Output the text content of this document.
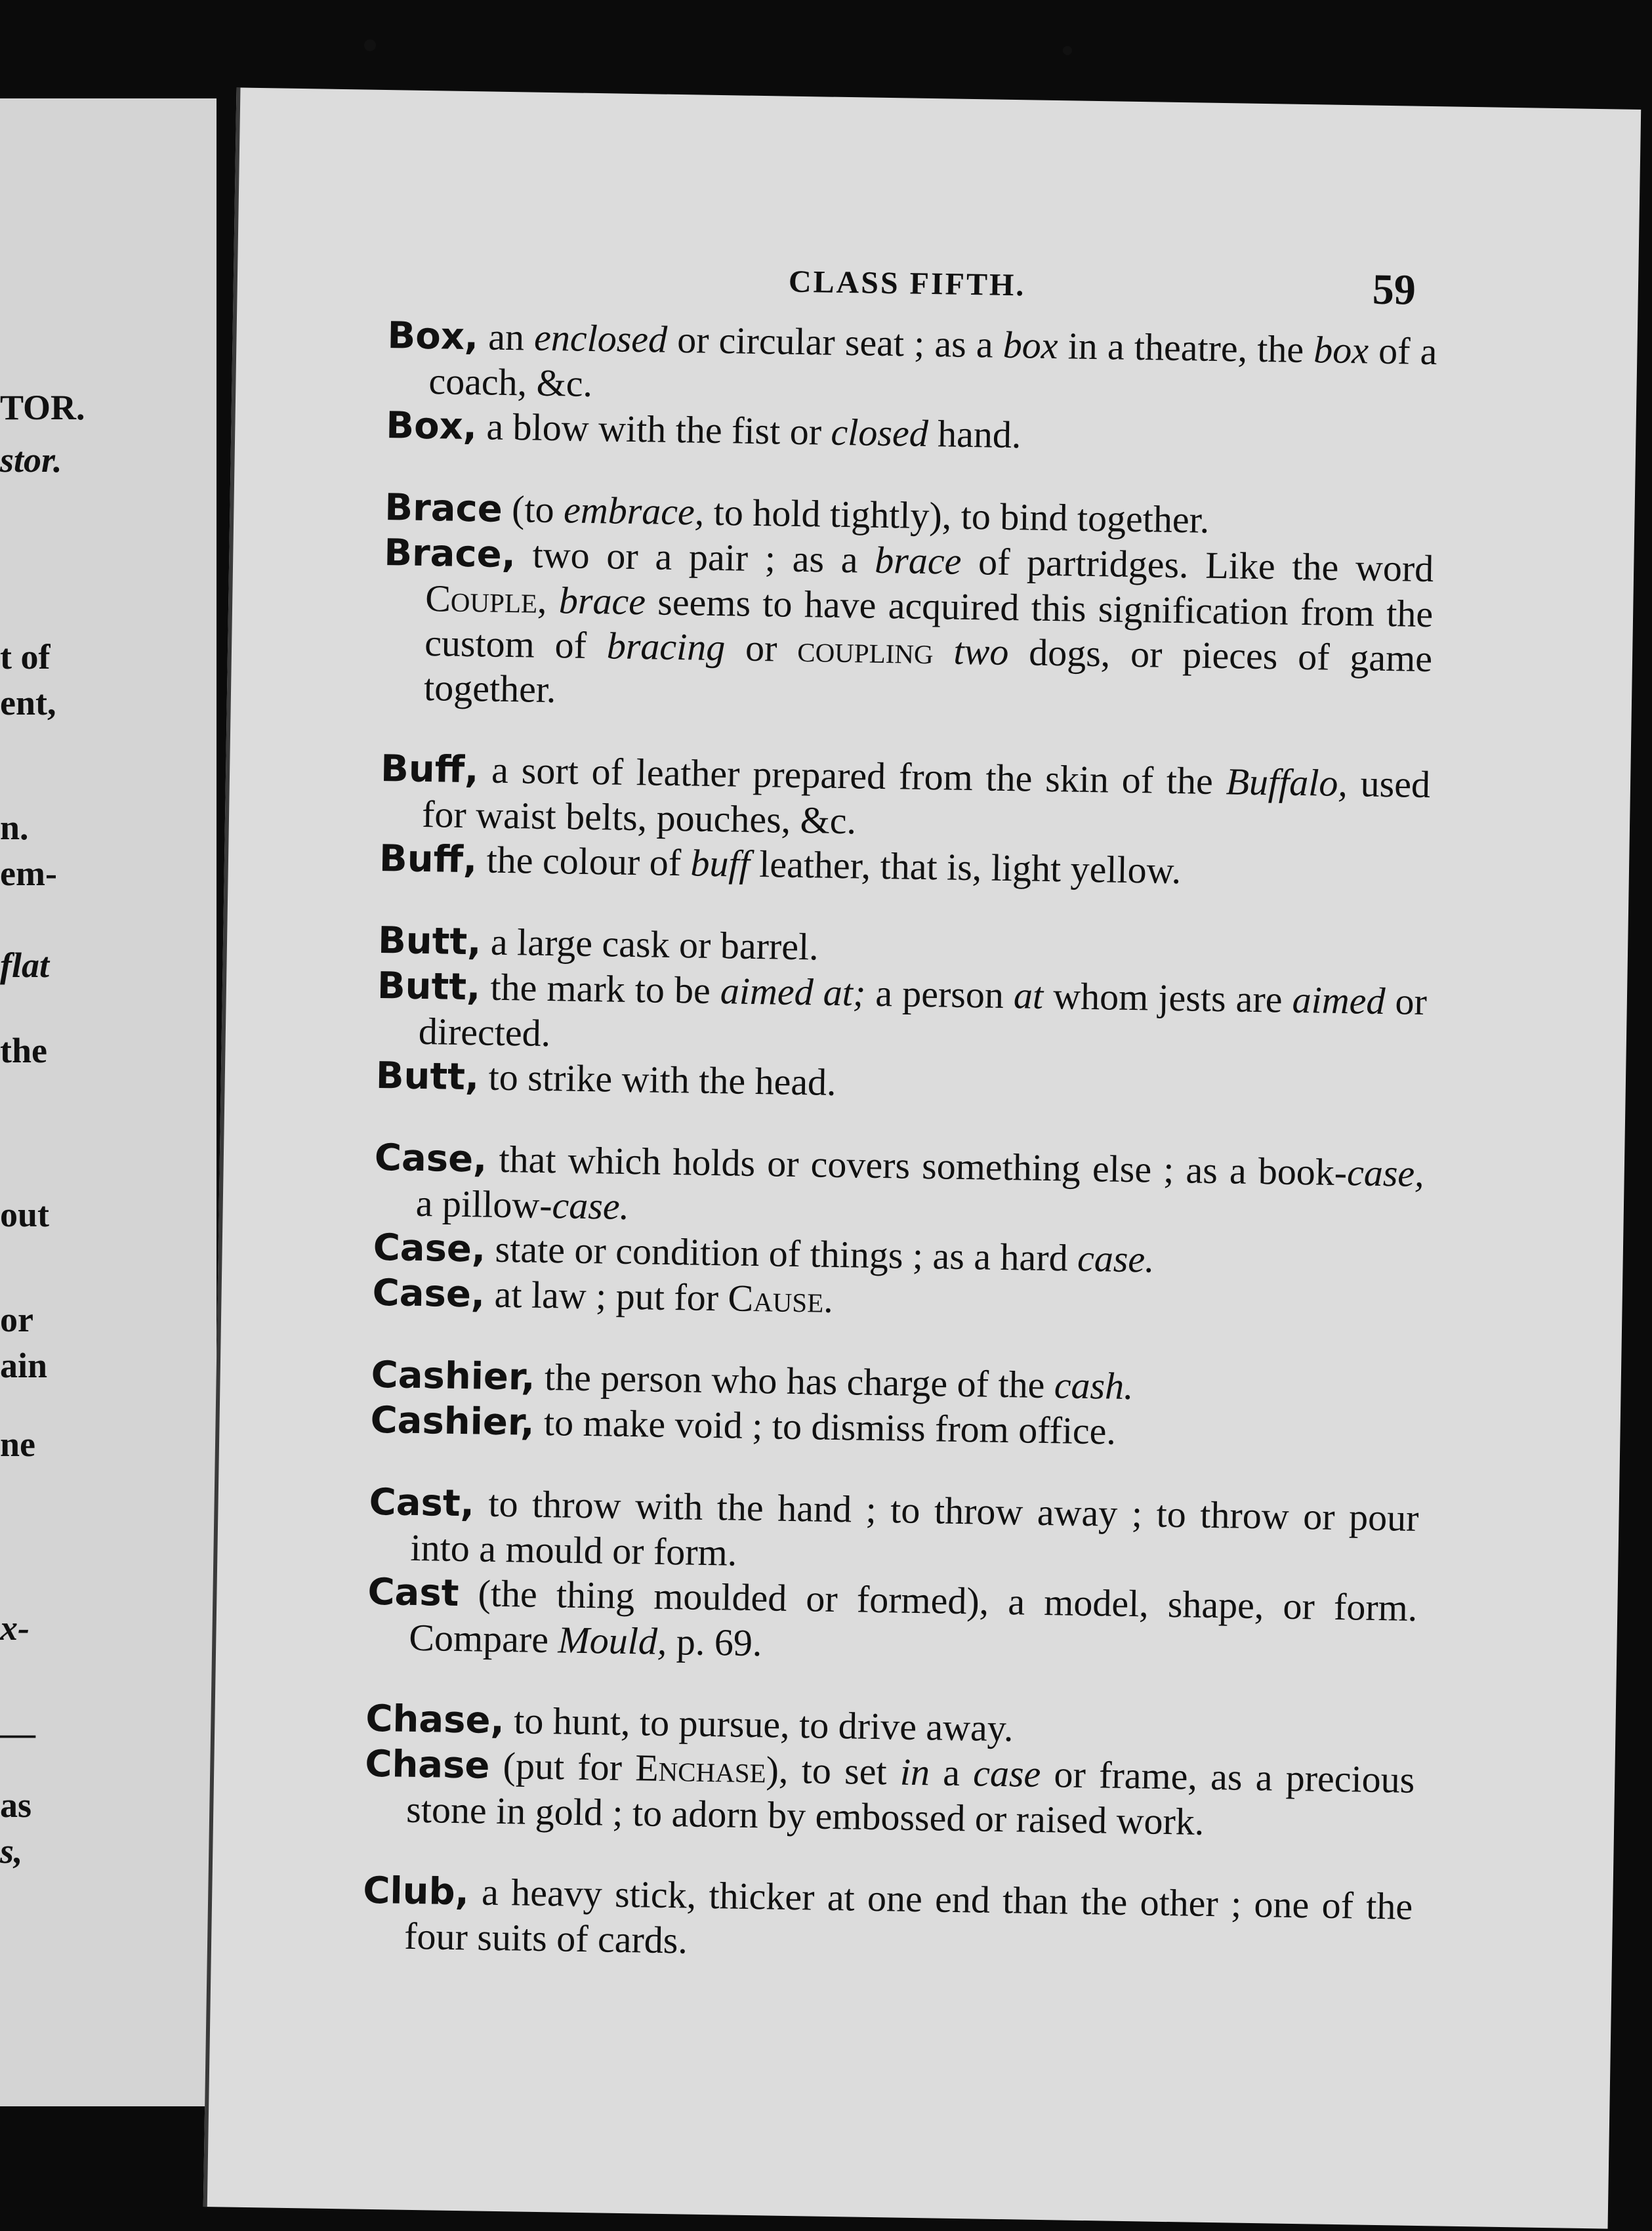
TOR.
stor.
t of
ent,
n.
em-
flat
the
out
or
ain
ne
x-
—
as
s,
CLASS FIFTH.	59

Box, an enclosed or circular seat ; as a box in a theatre, the box of a coach, &c.

Box, a blow with the fist or closed hand.

Brace (to embrace, to hold tightly), to bind together.

Brace, two or a pair ; as a brace of partridges. Like the word Couple, brace seems to have acquired this signification from the custom of bracing or coupling two dogs, or pieces of game together.

Buff, a sort of leather prepared from the skin of the Buffalo, used for waist belts, pouches, &c.

Buff, the colour of buff leather, that is, light yellow.

Butt, a large cask or barrel.

Butt, the mark to be aimed at; a person at whom jests are aimed or directed.

Butt, to strike with the head.

Case, that which holds or covers something else ; as a book-case, a pillow-case.

Case, state or condition of things ; as a hard case.

Case, at law ; put for Cause.

Cashier, the person who has charge of the cash.

Cashier, to make void ; to dismiss from office.

Cast, to throw with the hand ; to throw away ; to throw or pour into a mould or form.

Cast (the thing moulded or formed), a model, shape, or form. Compare Mould, p. 69.

Chase, to hunt, to pursue, to drive away.

Chase (put for Enchase), to set in a case or frame, as a precious stone in gold ; to adorn by embossed or raised work.

Club, a heavy stick, thicker at one end than the other ; one of the four suits of cards.
